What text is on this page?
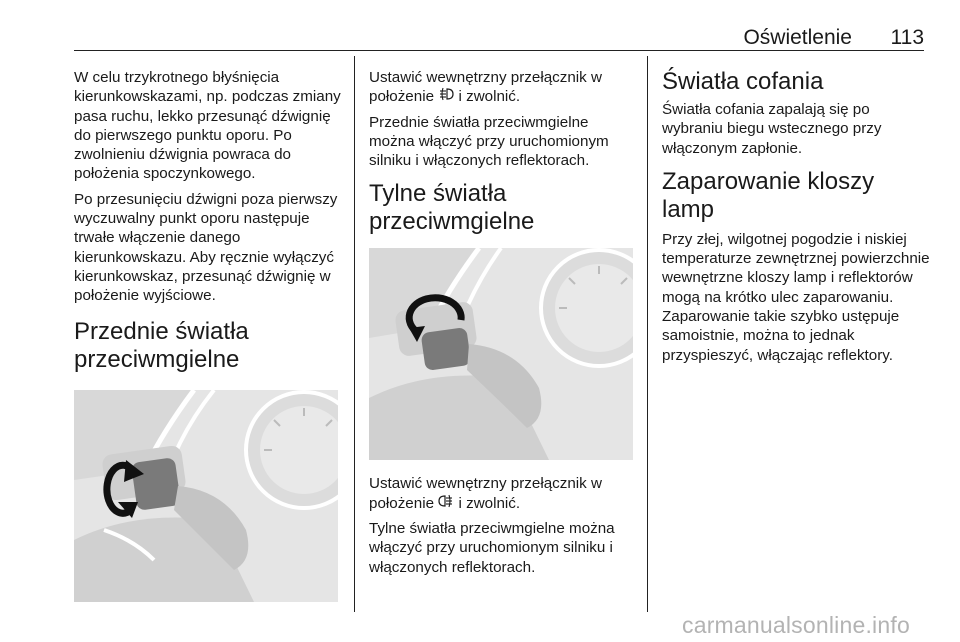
Oświetlenie 113

W celu trzykrotnego błyśnięcia kierunkowskazami, np. podczas zmiany pasa ruchu, lekko przesunąć dźwignię do pierwszego punktu oporu. Po zwolnieniu dźwignia powraca do położenia spoczynkowego.

Po przesunięciu dźwigni poza pierwszy wyczuwalny punkt oporu następuje trwałe włączenie danego kierunkowskazu. Aby ręcznie wyłączyć kierunkowskaz, przesunąć dźwignię w położenie wyjściowe.

Przednie światła przeciwmgielne

Ustawić wewnętrzny przełącznik w położenie i zwolnić.

Przednie światła przeciwmgielne można włączyć przy uruchomionym silniku i włączonych reflektorach.

Tylne światła przeciwmgielne

Ustawić wewnętrzny przełącznik w położenie i zwolnić.

Tylne światła przeciwmgielne można włączyć przy uruchomionym silniku i włączonych reflektorach.

Światła cofania

Światła cofania zapalają się po wybraniu biegu wstecznego przy włączonym zapłonie.

Zaparowanie kloszy lamp

Przy złej, wilgotnej pogodzie i niskiej temperaturze zewnętrznej powierzchnie wewnętrzne kloszy lamp i reflektorów mogą na krótko ulec zaparowaniu. Zaparowanie takie szybko ustępuje samoistnie, można to jednak przyspieszyć, włączając reflektory.

carmanualsonline.info
